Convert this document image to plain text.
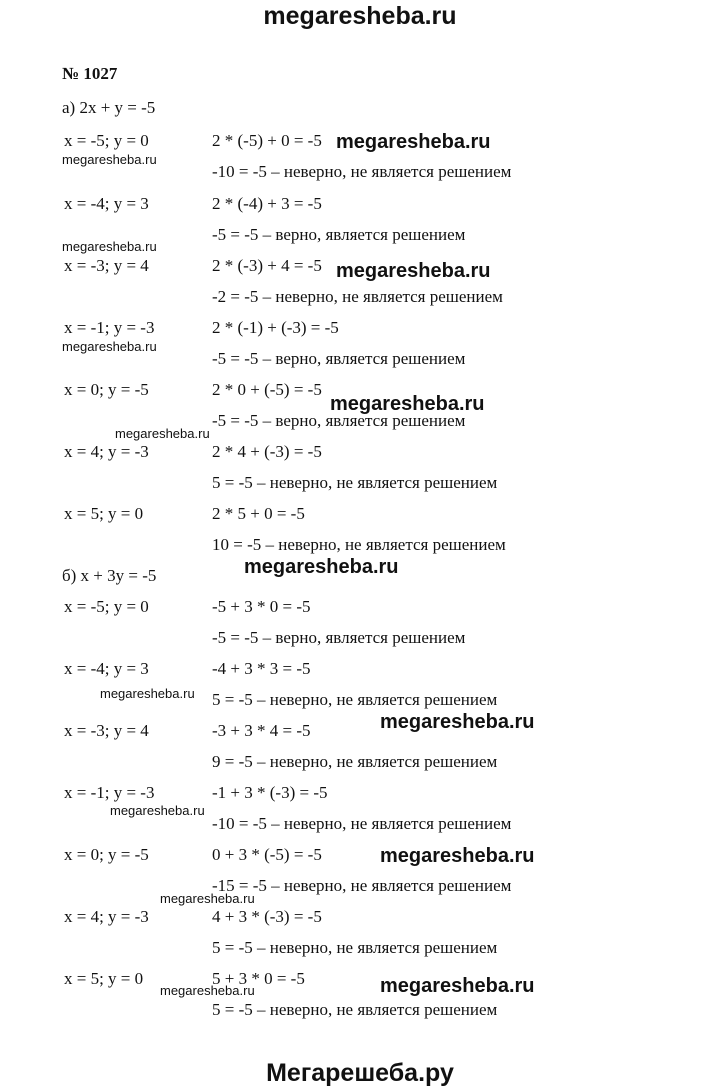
megaresheba.ru
№ 1027
а) 2x + y = -5
x = -5; y = 0	2 * (-5) + 0 = -5
-10 = -5 – неверно, не является решением
x = -4; y = 3	2 * (-4) + 3 = -5
-5 = -5 – верно, является решением
x = -3; y = 4	2 * (-3) + 4 = -5
-2 = -5 – неверно, не является решением
x = -1; y = -3	2 * (-1) + (-3) = -5
-5 = -5 – верно, является решением
x = 0; y = -5	2 * 0 + (-5) = -5
-5 = -5 – верно, является решением
x = 4; y = -3	2 * 4 + (-3) = -5
5 = -5 – неверно, не является решением
x = 5; y = 0	2 * 5 + 0 = -5
10 = -5 – неверно, не является решением
б) x + 3y = -5
x = -5; y = 0	-5 + 3 * 0 = -5
-5 = -5 – верно, является решением
x = -4; y = 3	-4 + 3 * 3 = -5
5 = -5 – неверно, не является решением
x = -3; y = 4	-3 + 3 * 4 = -5
9 = -5 – неверно, не является решением
x = -1; y = -3	-1 + 3 * (-3) = -5
-10 = -5 – неверно, не является решением
x = 0; y = -5	0 + 3 * (-5) = -5
-15 = -5 – неверно, не является решением
x = 4; y = -3	4 + 3 * (-3) = -5
5 = -5 – неверно, не является решением
x = 5; y = 0	5 + 3 * 0 = -5
5 = -5 – неверно, не является решением
megaresheba.ru
megaresheba.ru
megaresheba.ru
megaresheba.ru
megaresheba.ru
megaresheba.ru
megaresheba.ru
megaresheba.ru
megaresheba.ru
megaresheba.ru
megaresheba.ru
megaresheba.ru
megaresheba.ru
megaresheba.ru	megaresheba.ru
Мегарешеба.ру
